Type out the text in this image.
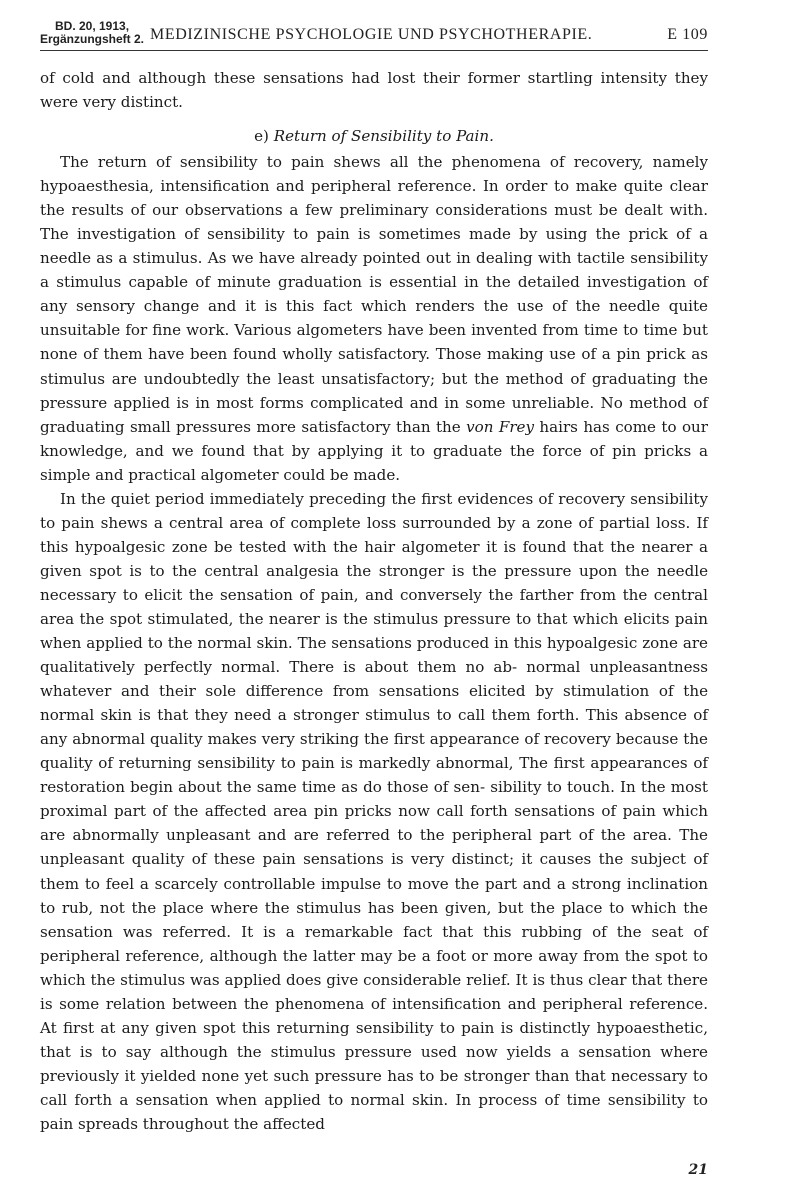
BD. 20, 1913,
Ergänzungsheft 2. MEDIZINISCHE PSYCHOLOGIE UND PSYCHOTHERAPIE.	E 109

of cold and although these sensations had lost their former startling intensity they were very distinct.

e) Return of Sensibility to Pain.

The return of sensibility to pain shews all the phenomena of recovery, namely hypoaesthesia, intensification and peripheral reference. In order to make quite clear the results of our observations a few preliminary considerations must be dealt with. The investigation of sensibility to pain is sometimes made by using the prick of a needle as a stimulus. As we have already pointed out in dealing with tactile sensibility a stimulus capable of minute graduation is essential in the detailed investigation of any sensory change and it is this fact which renders the use of the needle quite unsuitable for fine work. Various algometers have been invented from time to time but none of them have been found wholly satisfactory. Those making use of a pin prick as stimulus are undoubtedly the least unsatisfactory; but the method of graduating the pressure applied is in most forms complicated and in some unreliable. No method of graduating small pressures more satisfactory than the von Frey hairs has come to our knowledge, and we found that by applying it to graduate the force of pin pricks a simple and practical algometer could be made.

In the quiet period immediately preceding the first evidences of recovery sensibility to pain shews a central area of complete loss surrounded by a zone of partial loss. If this hypoalgesic zone be tested with the hair algometer it is found that the nearer a given spot is to the central analgesia the stronger is the pressure upon the needle necessary to elicit the sensation of pain, and conversely the farther from the central area the spot stimulated, the nearer is the stimulus pressure to that which elicits pain when applied to the normal skin. The sensations produced in this hypoalgesic zone are qualitatively perfectly normal. There is about them no ab- normal unpleasantness whatever and their sole difference from sensations elicited by stimulation of the normal skin is that they need a stronger stimulus to call them forth. This absence of any abnormal quality makes very striking the first appearance of recovery because the quality of returning sensibility to pain is markedly abnormal, The first appearances of restoration begin about the same time as do those of sen- sibility to touch. In the most proximal part of the affected area pin pricks now call forth sensations of pain which are abnormally unpleasant and are referred to the peripheral part of the area. The unpleasant quality of these pain sensations is very distinct; it causes the subject of them to feel a scarcely controllable impulse to move the part and a strong inclination to rub, not the place where the stimulus has been given, but the place to which the sensation was referred. It is a remarkable fact that this rubbing of the seat of peripheral reference, although the latter may be a foot or more away from the spot to which the stimulus was applied does give considerable relief. It is thus clear that there is some relation between the phenomena of intensification and peripheral reference. At first at any given spot this returning sensibility to pain is distinctly hypoaesthetic, that is to say although the stimulus pressure used now yields a sensation where previously it yielded none yet such pressure has to be stronger than that necessary to call forth a sensation when applied to normal skin. In process of time sensibility to pain spreads throughout the affected

21
